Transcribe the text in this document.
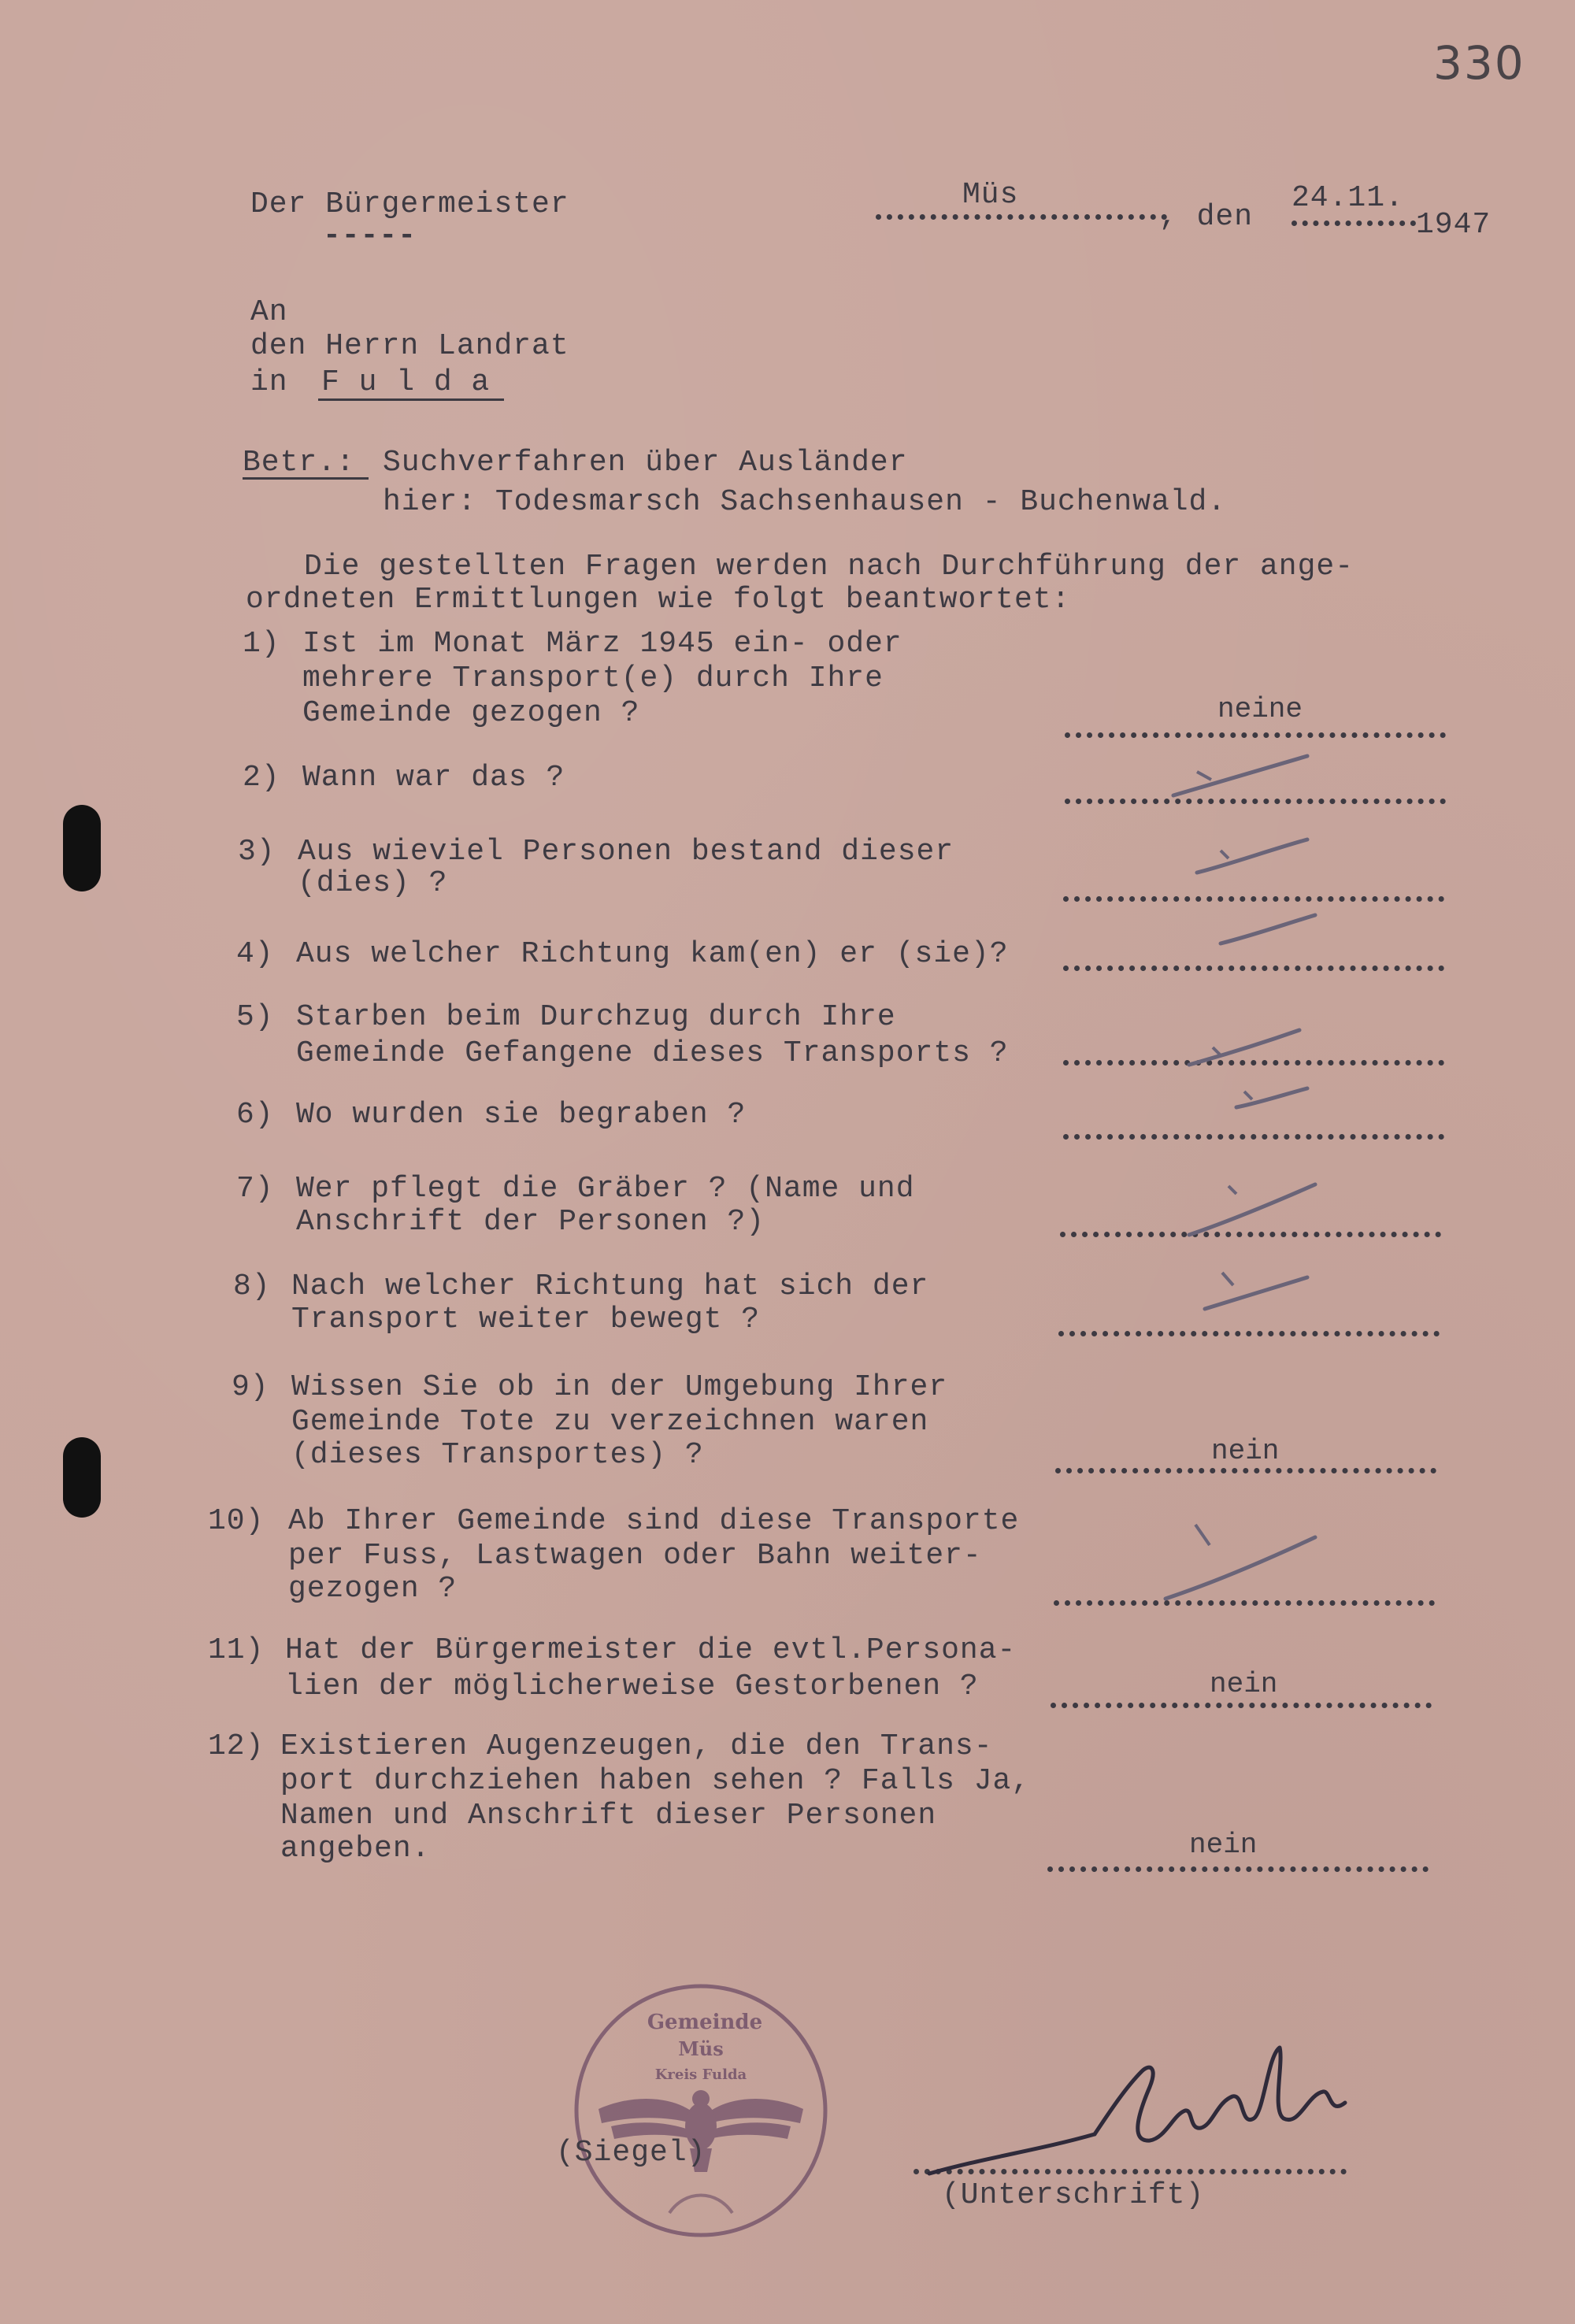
330
Der Bürgermeister
-----
Müs
, den
24.11.
1947
An
den Herrn Landrat
in F u l d a
Betr.: Suchverfahren über Ausländer
hier: Todesmarsch Sachsenhausen - Buchenwald.
Die gestellten Fragen werden nach Durchführung der ange-
ordneten Ermittlungen wie folgt beantwortet:
1) Ist im Monat März 1945 ein- oder
mehrere Transport(e) durch Ihre
Gemeinde gezogen ?	neine
2) Wann war das ?
3) Aus wieviel Personen bestand dieser
(dies) ?
4) Aus welcher Richtung kam(en) er (sie)?
5) Starben beim Durchzug durch Ihre
Gemeinde Gefangene dieses Transports ?
6) Wo wurden sie begraben ?
7) Wer pflegt die Gräber ? (Name und
Anschrift der Personen ?)
8) Nach welcher Richtung hat sich der
Transport weiter bewegt ?
9) Wissen Sie ob in der Umgebung Ihrer
Gemeinde Tote zu verzeichnen waren
(dieses Transportes) ?	nein
10) Ab Ihrer Gemeinde sind diese Transporte
per Fuss, Lastwagen oder Bahn weiter-
gezogen ?
11) Hat der Bürgermeister die evtl.Persona-
lien der möglicherweise Gestorbenen ?	nein
12) Existieren Augenzeugen, die den Trans-
port durchziehen haben sehen ? Falls Ja,
Namen und Anschrift dieser Personen
angeben.	nein
Gemeinde
Müs
Kreis Fulda
(Siegel)
(Unterschrift)
